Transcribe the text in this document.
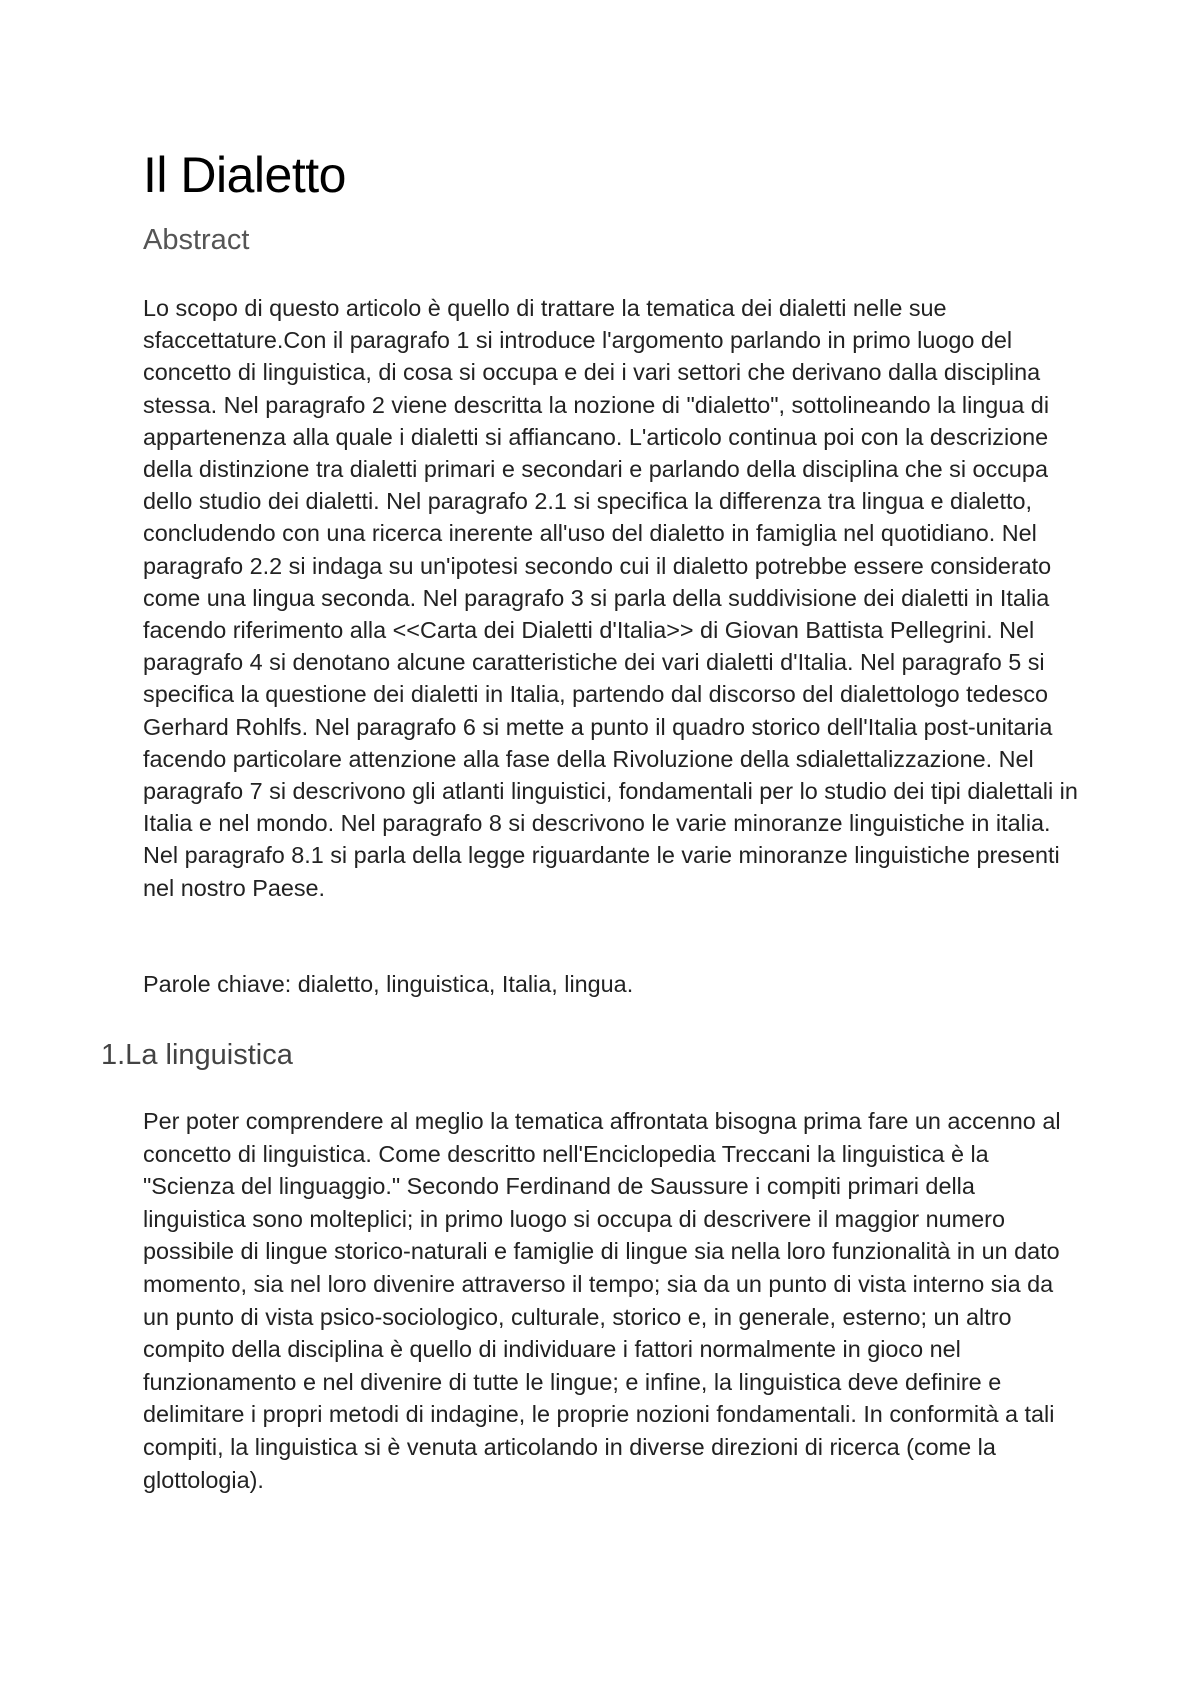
Il Dialetto
Abstract

Lo scopo di questo articolo è quello di trattare la tematica dei dialetti nelle sue sfaccettature.Con il paragrafo 1 si introduce l'argomento parlando in primo luogo del concetto di linguistica, di cosa si occupa e dei i vari settori che derivano dalla disciplina stessa. Nel paragrafo 2 viene descritta la nozione di "dialetto", sottolineando la lingua di appartenenza alla quale i dialetti si affiancano. L'articolo continua poi con la descrizione della distinzione tra dialetti primari e secondari e parlando della disciplina che si occupa dello studio dei dialetti. Nel paragrafo 2.1 si specifica la differenza tra lingua e dialetto, concludendo con una ricerca inerente all'uso del dialetto in famiglia nel quotidiano. Nel paragrafo 2.2 si indaga su un'ipotesi secondo cui il dialetto potrebbe essere considerato come una lingua seconda. Nel paragrafo 3 si parla della suddivisione dei dialetti in Italia facendo riferimento alla <<Carta dei Dialetti d'Italia>> di Giovan Battista Pellegrini. Nel paragrafo 4 si denotano alcune caratteristiche dei vari dialetti d'Italia. Nel paragrafo 5 si specifica la questione dei dialetti in Italia, partendo dal discorso del dialettologo tedesco Gerhard Rohlfs. Nel paragrafo 6 si mette a punto il quadro storico dell'Italia post-unitaria facendo particolare attenzione alla fase della Rivoluzione della sdialettalizzazione. Nel paragrafo 7 si descrivono gli atlanti linguistici, fondamentali per lo studio dei tipi dialettali in Italia e nel mondo. Nel paragrafo 8 si descrivono le varie minoranze linguistiche in italia. Nel paragrafo 8.1 si parla della legge riguardante le varie minoranze linguistiche presenti nel nostro Paese.

Parole chiave: dialetto, linguistica, Italia, lingua.

1.La linguistica

Per poter comprendere al meglio la tematica affrontata bisogna prima fare un accenno al concetto di linguistica. Come descritto nell'Enciclopedia Treccani la linguistica è la "Scienza del linguaggio." Secondo Ferdinand de Saussure i compiti primari della linguistica sono molteplici; in primo luogo si occupa di descrivere il maggior numero possibile di lingue storico-naturali e famiglie di lingue sia nella loro funzionalità in un dato momento, sia nel loro divenire attraverso il tempo; sia da un punto di vista interno sia da un punto di vista psico-sociologico, culturale, storico e, in generale, esterno; un altro compito della disciplina è quello di individuare i fattori normalmente in gioco nel funzionamento e nel divenire di tutte le lingue; e infine, la linguistica deve definire e delimitare i propri metodi di indagine, le proprie nozioni fondamentali. In conformità a tali compiti, la linguistica si è venuta articolando in diverse direzioni di ricerca (come la glottologia).
